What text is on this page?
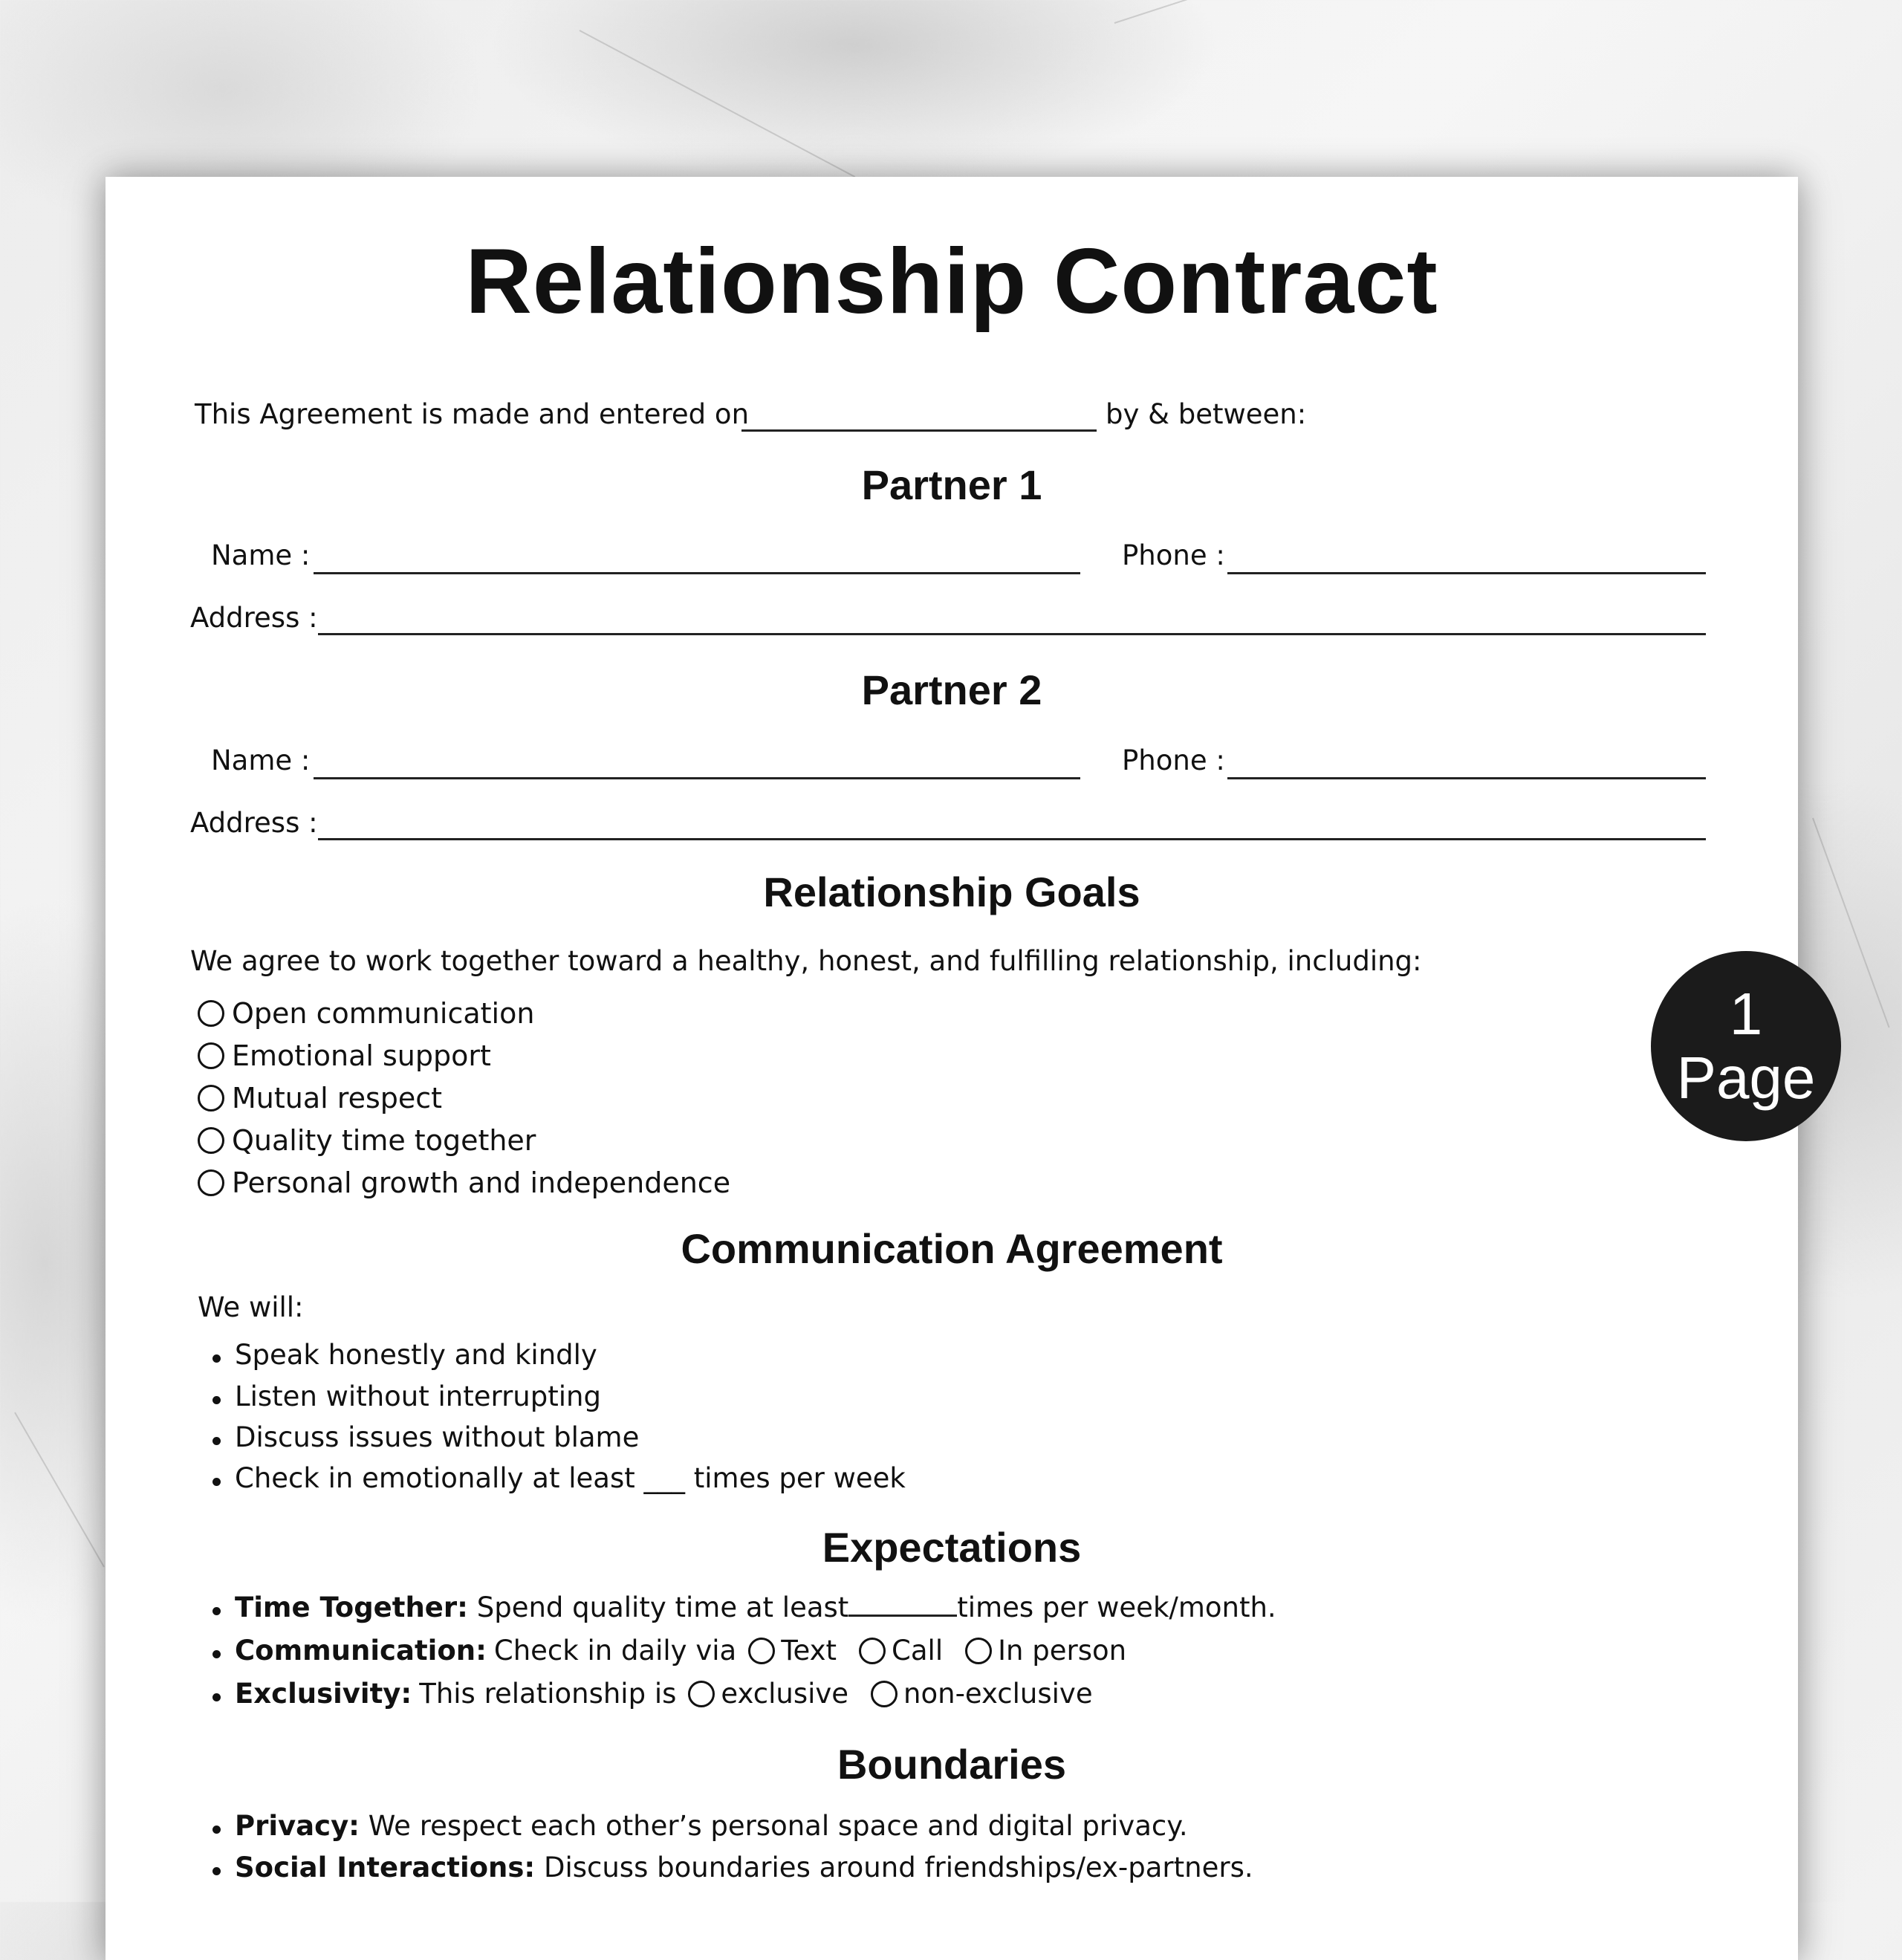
Relationship Contract
This Agreement is made and entered on	by & between:
Partner 1
Name :	Phone :
Address :
Partner 2
Name :	Phone :
Address :
Relationship Goals
We agree to work together toward a healthy, honest, and fulfilling relationship, including:
Open communication
Emotional support
Mutual respect
Quality time together
Personal growth and independence
Communication Agreement
We will:
Speak honestly and kindly
Listen without interrupting
Discuss issues without blame
Check in emotionally at least ___ times per week
Expectations
Time Together: Spend quality time at least	times per week/month.
Communication: Check in daily via Text Call In person
Exclusivity: This relationship is exclusive non-exclusive
Boundaries
Privacy: We respect each other’s personal space and digital privacy.
Social Interactions: Discuss boundaries around friendships/ex-partners.
1
Page
